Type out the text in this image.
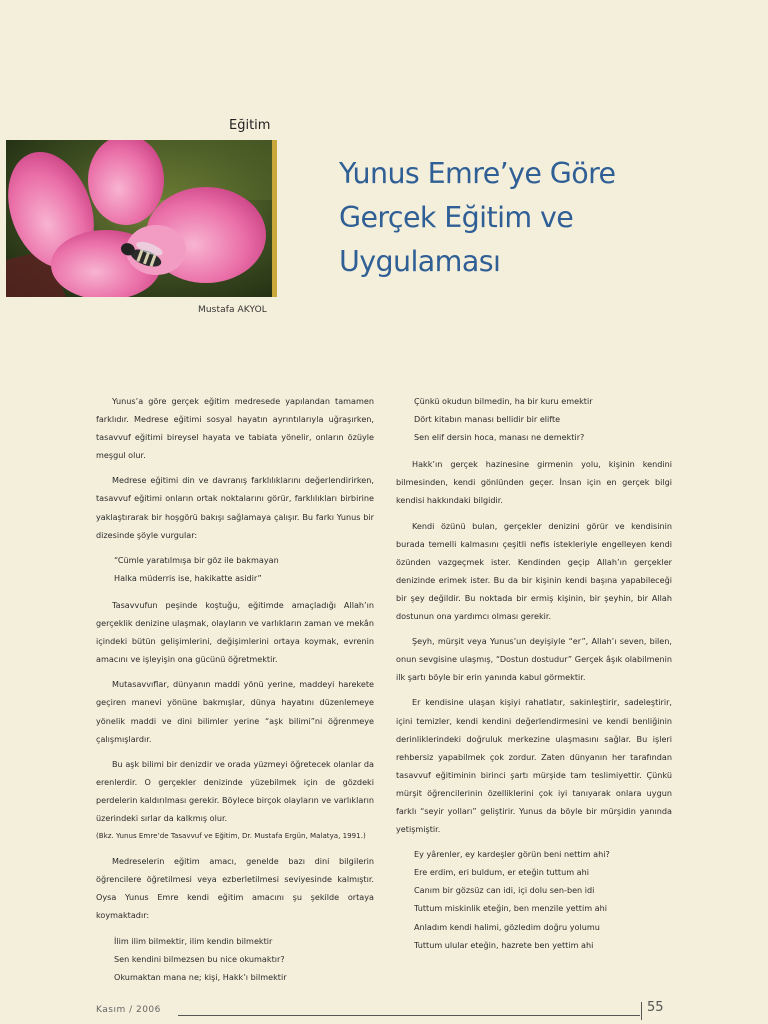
Eğitim
Mustafa AKYOL
Yunus Emre’ye Göre
Gerçek Eğitim ve
Uygulaması

Yunus’a göre gerçek eğitim medresede yapılandan tamamen farklıdır. Medrese eğitimi sosyal hayatın ayrıntılarıyla uğraşırken, tasavvuf eğitimi bireysel hayata ve tabiata yönelir, onların özüyle meşgul olur.

Medrese eğitimi din ve davranış farklılıklarını değerlendirirken, tasavvuf eğitimi onların ortak noktalarını görür, farklılıkları birbirine yaklaştırarak bir hoşgörü bakışı sağlamaya çalışır. Bu farkı Yunus bir dizesinde şöyle vurgular:

“Cümle yaratılmışa bir göz ile bakmayan
Halka müderris ise, hakikatte asidir”

Tasavvufun peşinde koştuğu, eğitimde amaçladığı Allah’ın gerçeklik denizine ulaşmak, olayların ve varlıkların zaman ve mekân içindeki bütün gelişimlerini, değişimlerini ortaya koymak, evrenin amacını ve işleyişin ona gücünü öğretmektir.

Mutasavvıflar, dünyanın maddi yönü yerine, maddeyi harekete geçiren manevi yönüne bakmışlar, dünya hayatını düzenlemeye yönelik maddi ve dini bilimler yerine “aşk bilimi”ni öğrenmeye çalışmışlardır.

Bu aşk bilimi bir denizdir ve orada yüzmeyi öğretecek olanlar da erenlerdir. O gerçekler denizinde yüzebilmek için de gözdeki perdelerin kaldırılması gerekir. Böylece birçok olayların ve varlıkların üzerindeki sırlar da kalkmış olur.

(Bkz. Yunus Emre’de Tasavvuf ve Eğitim, Dr. Mustafa Ergün, Malatya, 1991.)

Medreselerin eğitim amacı, genelde bazı dini bilgilerin öğrencilere öğretilmesi veya ezberletilmesi seviyesinde kalmıştır. Oysa Yunus Emre kendi eğitim amacını şu şekilde ortaya koymaktadır:

İlim ilim bilmektir, ilim kendin bilmektir
Sen kendini bilmezsen bu nice okumaktır?
Okumaktan mana ne; kişi, Hakk’ı bilmektir
Çünkü okudun bilmedin, ha bir kuru emektir
Dört kitabın manası bellidir bir elifte
Sen elif dersin hoca, manası ne demektir?

Hakk’ın gerçek hazinesine girmenin yolu, kişinin kendini bilmesinden, kendi gönlünden geçer. İnsan için en gerçek bilgi kendisi hakkındaki bilgidir.

Kendi özünü bulan, gerçekler denizini görür ve kendisinin burada temelli kalmasını çeşitli nefis istekleriyle engelleyen kendi özünden vazgeçmek ister. Kendinden geçip Allah’ın gerçekler denizinde erimek ister. Bu da bir kişinin kendi başına yapabileceği bir şey değildir. Bu noktada bir ermiş kişinin, bir şeyhin, bir Allah dostunun ona yardımcı olması gerekir.

Şeyh, mürşit veya Yunus’un deyişiyle “er”, Allah’ı seven, bilen, onun sevgisine ulaşmış, “Dostun dostudur” Gerçek âşık olabilmenin ilk şartı böyle bir erin yanında kabul görmektir.

Er kendisine ulaşan kişiyi rahatlatır, sakinleştirir, sadeleştirir, içini temizler, kendi kendini değerlendirmesini ve kendi benliğinin derinliklerindeki doğruluk merkezine ulaşmasını sağlar. Bu işleri rehbersiz yapabilmek çok zordur. Zaten dünyanın her tarafından tasavvuf eğitiminin birinci şartı mürşide tam teslimiyettir. Çünkü mürşit öğrencilerinin özelliklerini çok iyi tanıyarak onlara uygun farklı “seyir yolları” geliştirir. Yunus da böyle bir mürşidin yanında yetişmiştir.

Ey yârenler, ey kardeşler görün beni nettim ahi?
Ere erdim, eri buldum, er eteğin tuttum ahi
Canım bir gözsüz can idi, içi dolu sen-ben idi
Tuttum miskinlik eteğin, ben menzile yettim ahi
Anladım kendi halimi, gözledim doğru yolumu
Tuttum ulular eteğin, hazrete ben yettim ahi
Kasım / 2006	55
